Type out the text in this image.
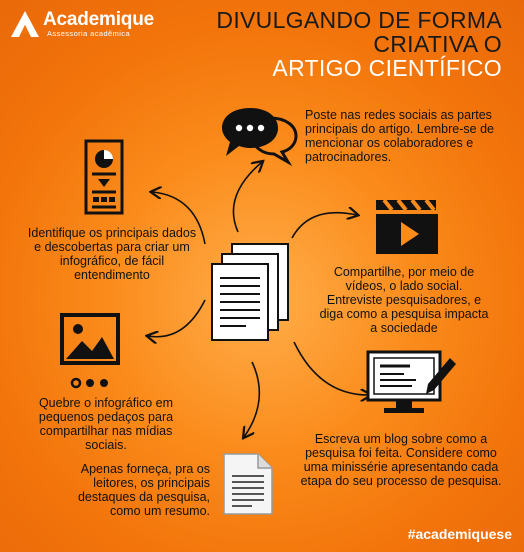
Academique
Assessoria acadêmica
DIVULGANDO DE FORMA
CRIATIVA O
ARTIGO CIENTÍFICO
Poste nas redes sociais as partes principais do artigo. Lembre-se de mencionar os colaboradores e patrocinadores.
Identifique os principais dados e descobertas para criar um infográfico, de fácil entendimento	Compartilhe, por meio de vídeos, o lado social. Entreviste pesquisadores, e diga como a pesquisa impacta a sociedade
Quebre o infográfico em pequenos pedaços para compartilhar nas mídias sociais.	Escreva um blog sobre como a pesquisa foi feita. Considere como uma minissérie apresentando cada etapa do seu processo de pesquisa.
Apenas forneça, pra os leitores, os principais destaques da pesquisa, como um resumo.
#academiquese
